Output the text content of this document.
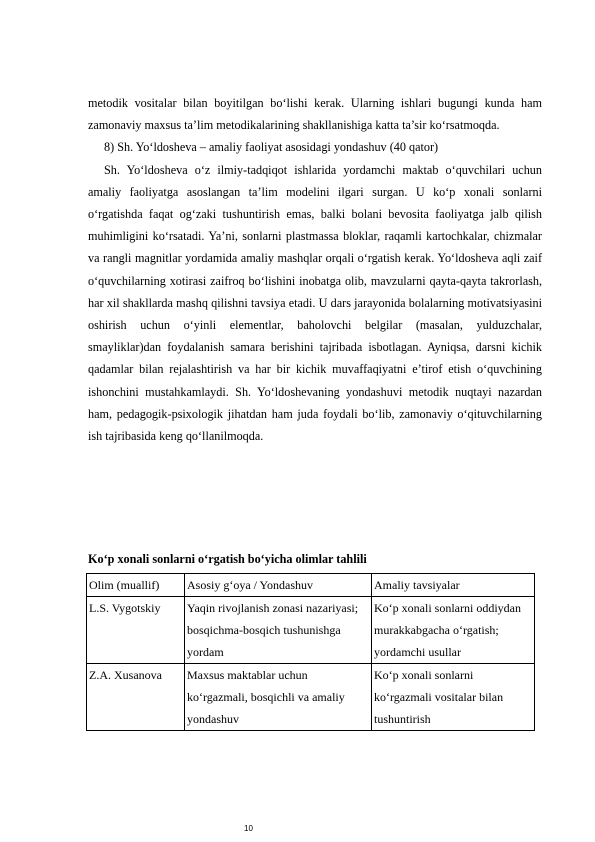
metodik vositalar bilan boyitilgan bo‘lishi kerak. Ularning ishlari bugungi kunda ham zamonaviy maxsus ta’lim metodikalarining shakllanishiga katta ta’sir ko‘rsatmoqda.

8) Sh. Yo‘ldosheva – amaliy faoliyat asosidagi yondashuv (40 qator)

Sh. Yo‘ldosheva o‘z ilmiy-tadqiqot ishlarida yordamchi maktab o‘quvchilari uchun amaliy faoliyatga asoslangan ta’lim modelini ilgari surgan. U ko‘p xonali sonlarni o‘rgatishda faqat og‘zaki tushuntirish emas, balki bolani bevosita faoliyatga jalb qilish muhimligini ko‘rsatadi. Ya’ni, sonlarni plastmassa bloklar, raqamli kartochkalar, chizmalar va rangli magnitlar yordamida amaliy mashqlar orqali o‘rgatish kerak. Yo‘ldosheva aqli zaif o‘quvchilarning xotirasi zaifroq bo‘lishini inobatga olib, mavzularni qayta-qayta takrorlash, har xil shakllarda mashq qilishni tavsiya etadi. U dars jarayonida bolalarning motivatsiyasini oshirish uchun o‘yinli elementlar, baholovchi belgilar (masalan, yulduzchalar, smayliklar)dan foydalanish samara berishini tajribada isbotlagan. Ayniqsa, darsni kichik qadamlar bilan rejalashtirish va har bir kichik muvaffaqiyatni e’tirof etish o‘quvchining ishonchini mustahkamlaydi. Sh. Yo‘ldoshevaning yondashuvi metodik nuqtayi nazardan ham, pedagogik-psixologik jihatdan ham juda foydali bo‘lib, zamonaviy o‘qituvchilarning ish tajribasida keng qo‘llanilmoqda.

Ko‘p xonali sonlarni o‘rgatish bo‘yicha olimlar tahlili
Olim (muallif)	Asosiy g‘oya / Yondashuv	Amaliy tavsiyalar
L.S. Vygotskiy	Yaqin rivojlanish zonasi nazariyasi; bosqichma-bosqich tushunishga yordam	Ko‘p xonali sonlarni oddiydan murakkabgacha o‘rgatish; yordamchi usullar
Z.A. Xusanova	Maxsus maktablar uchun ko‘rgazmali, bosqichli va amaliy yondashuv	Ko‘p xonali sonlarni ko‘rgazmali vositalar bilan tushuntirish
10
